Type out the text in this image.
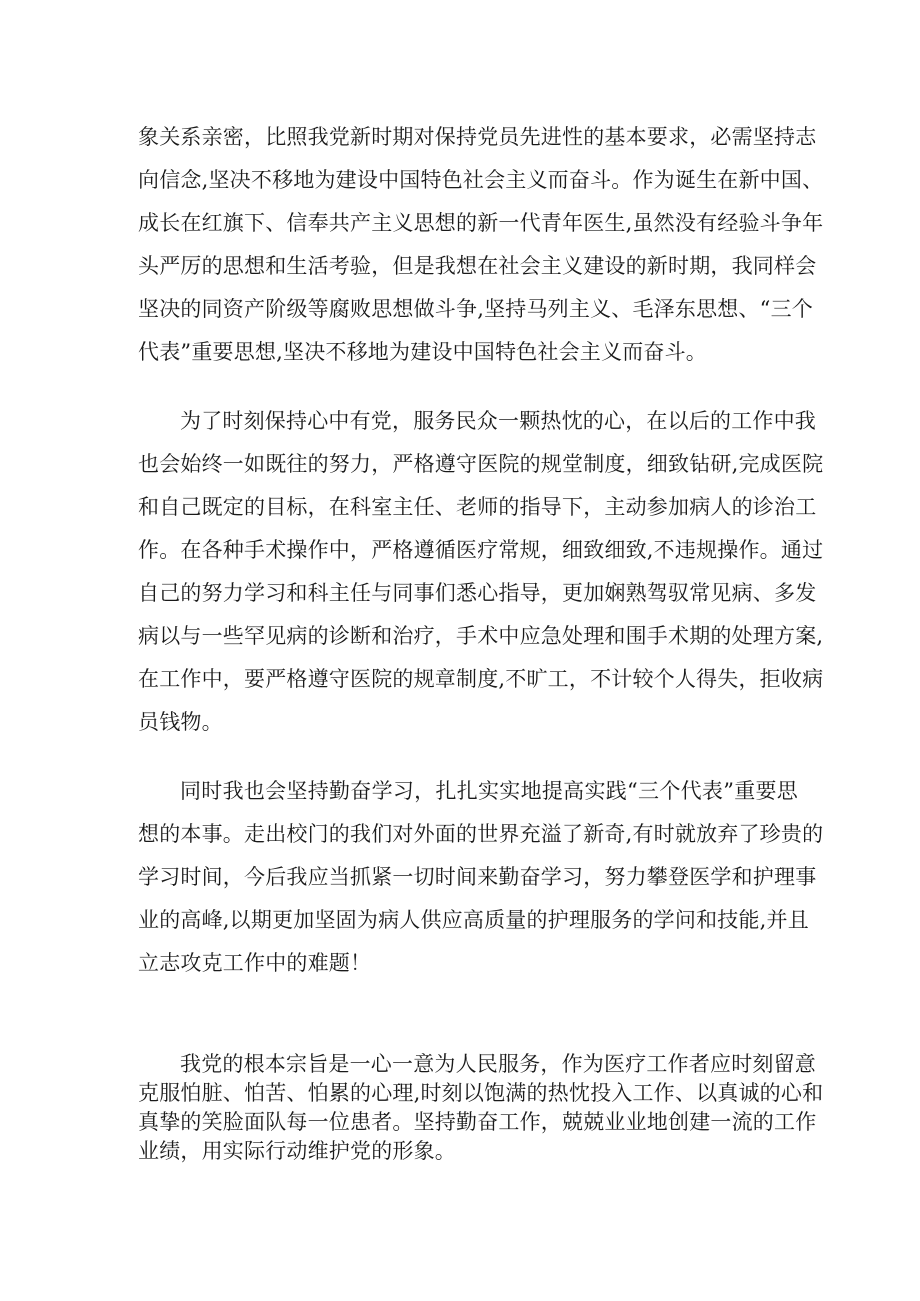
象关系亲密，比照我党新时期对保持党员先进性的基本要求，必需坚持志
向信念,坚决不移地为建设中国特色社会主义而奋斗。作为诞生在新中国、
成长在红旗下、信奉共产主义思想的新一代青年医生,虽然没有经验斗争年
头严厉的思想和生活考验，但是我想在社会主义建设的新时期，我同样会
坚决的同资产阶级等腐败思想做斗争,坚持马列主义、毛泽东思想、“三个
代表”重要思想,坚决不移地为建设中国特色社会主义而奋斗。
为了时刻保持心中有党，服务民众一颗热忱的心，在以后的工作中我
也会始终一如既往的努力，严格遵守医院的规堂制度，细致钻研,完成医院
和自己既定的目标，在科室主任、老师的指导下，主动参加病人的诊治工
作。在各种手术操作中，严格遵循医疗常规，细致细致,不违规操作。通过
自己的努力学习和科主任与同事们悉心指导，更加娴熟驾驭常见病、多发
病以与一些罕见病的诊断和治疗，手术中应急处理和围手术期的处理方案,
在工作中，要严格遵守医院的规章制度,不旷工，不计较个人得失，拒收病
员钱物。
同时我也会坚持勤奋学习，扎扎实实地提高实践“三个代表”重要思
想的本事。走出校门的我们对外面的世界充溢了新奇,有时就放弃了珍贵的
学习时间，今后我应当抓紧一切时间来勤奋学习，努力攀登医学和护理事
业的高峰,以期更加坚固为病人供应高质量的护理服务的学问和技能,并且
立志攻克工作中的难题！
我党的根本宗旨是一心一意为人民服务，作为医疗工作者应时刻留意
克服怕脏、怕苦、怕累的心理,时刻以饱满的热忱投入工作、以真诚的心和
真挚的笑脸面队每一位患者。坚持勤奋工作，兢兢业业地创建一流的工作
业绩，用实际行动维护党的形象。
